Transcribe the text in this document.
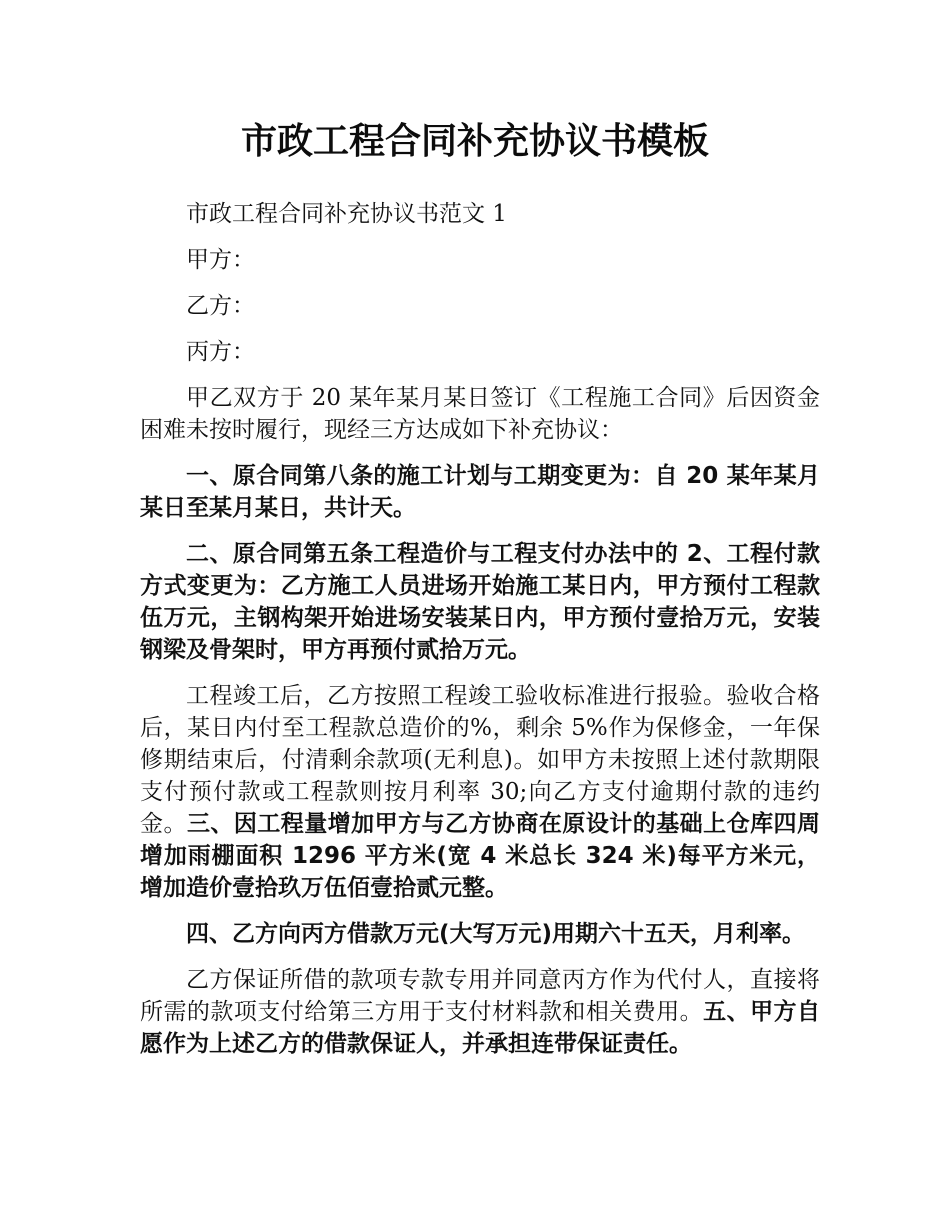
市政工程合同补充协议书模板

市政工程合同补充协议书范文 1

甲方：

乙方：

丙方：

甲乙双方于 20 某年某月某日签订《工程施工合同》后因资金困难未按时履行，现经三方达成如下补充协议：

一、原合同第八条的施工计划与工期变更为：自 20 某年某月某日至某月某日，共计天。

二、原合同第五条工程造价与工程支付办法中的 2、工程付款方式变更为：乙方施工人员进场开始施工某日内，甲方预付工程款伍万元，主钢构架开始进场安装某日内，甲方预付壹拾万元，安装钢梁及骨架时，甲方再预付贰拾万元。

工程竣工后，乙方按照工程竣工验收标准进行报验。验收合格后，某日内付至工程款总造价的%，剩余 5%作为保修金，一年保修期结束后，付清剩余款项(无利息)。如甲方未按照上述付款期限支付预付款或工程款则按月利率 30;向乙方支付逾期付款的违约金。三、因工程量增加甲方与乙方协商在原设计的基础上仓库四周增加雨棚面积 1296 平方米(宽 4 米总长 324 米)每平方米元，增加造价壹拾玖万伍佰壹拾贰元整。

四、乙方向丙方借款万元(大写万元)用期六十五天，月利率。

乙方保证所借的款项专款专用并同意丙方作为代付人，直接将所需的款项支付给第三方用于支付材料款和相关费用。五、甲方自愿作为上述乙方的借款保证人，并承担连带保证责任。
